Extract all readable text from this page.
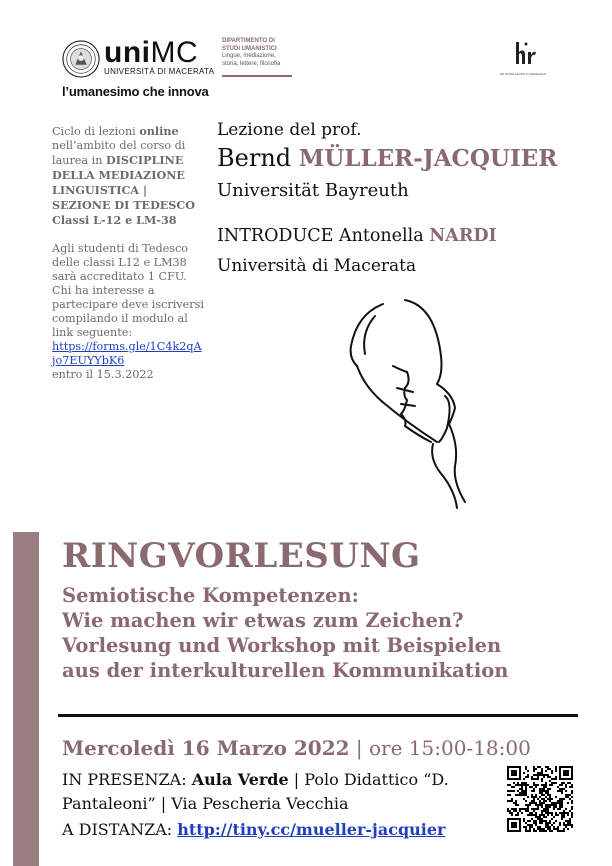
uniMC
UNIVERSITÀ DI MACERATA
l’umanesimo che innova
DIPARTIMENTO DI
STUDI UMANISTICI
Lingue, mediazione,
storia, lettere, filosofia
HR EXCELLENCE IN RESEARCH

Ciclo di lezioni online nell’ambito del corso di laurea in DISCIPLINE DELLA MEDIAZIONE LINGUISTICA | SEZIONE DI TEDESCO Classi L-12 e LM-38

Agli studenti di Tedesco delle classi L12 e LM38 sarà accreditato 1 CFU. Chi ha interesse a partecipare deve iscriversi compilando il modulo al link seguente:

https://forms.gle/1C4k2qAjo7EUYYbK6
entro il 15.3.2022
Lezione del prof.
Bernd MÜLLER-JACQUIER
Universität Bayreuth
INTRODUCE Antonella NARDI
Università di Macerata
RINGVORLESUNG
Semiotische Kompetenzen:
Wie machen wir etwas zum Zeichen?
Vorlesung und Workshop mit Beispielen
aus der interkulturellen Kommunikation
Mercoledì 16 Marzo 2022 | ore 15:00-18:00
IN PRESENZA: Aula Verde | Polo Didattico “D. Pantaleoni” | Via Pescheria Vecchia
A DISTANZA: http://tiny.cc/mueller-jacquier
